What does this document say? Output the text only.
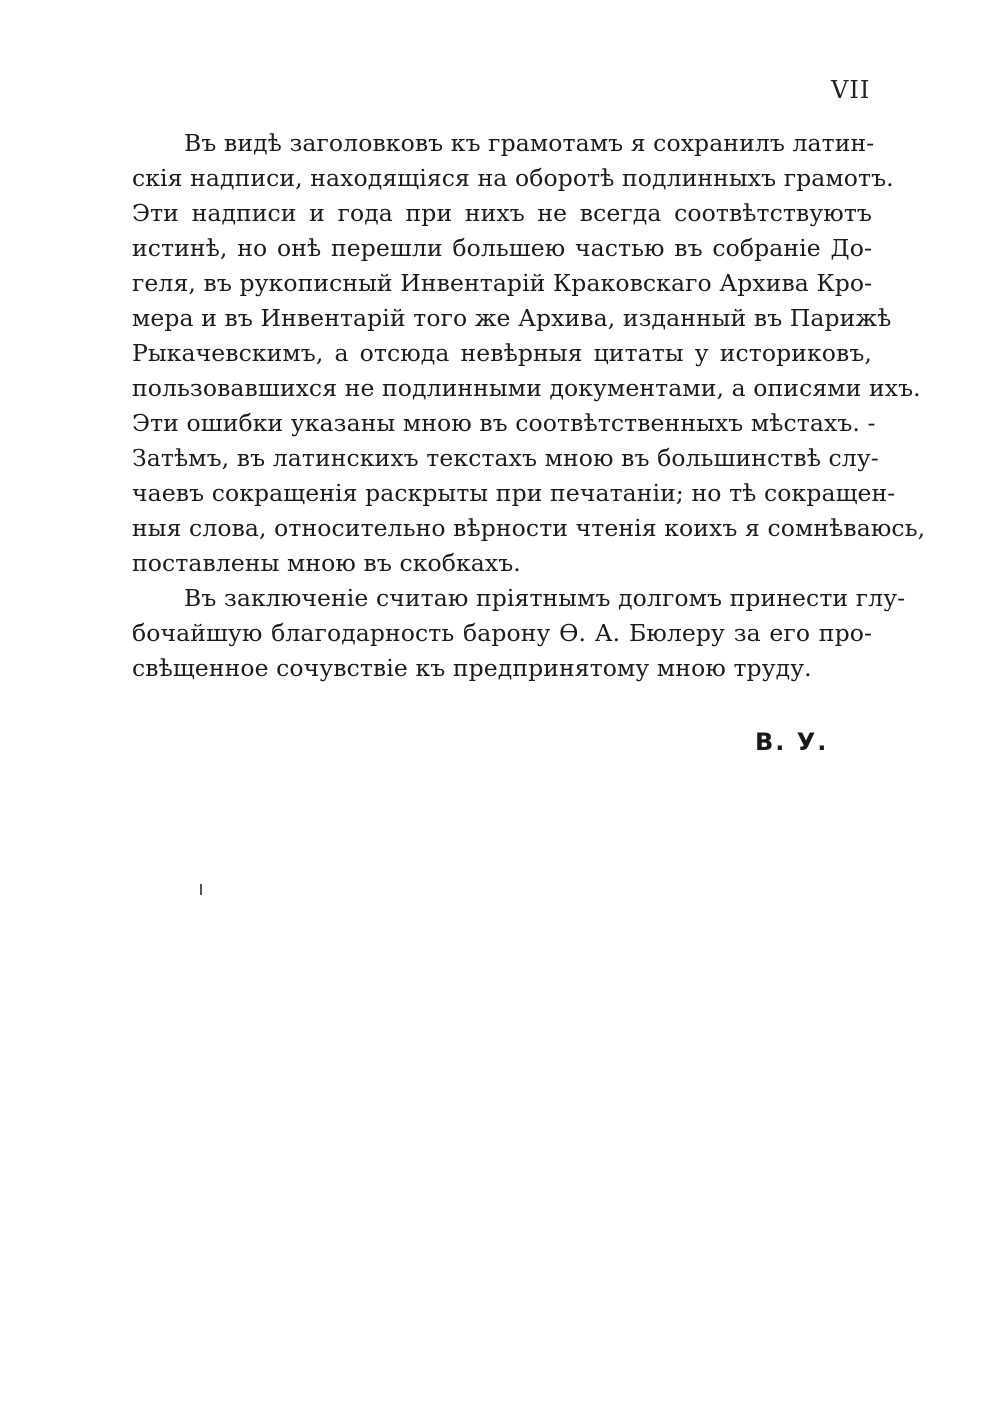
VII
Въ видѣ заголовковъ къ грамотамъ я сохранилъ латин-
скія надписи, находящіяся на оборотѣ подлинныхъ грамотъ.
Эти надписи и года при нихъ не всегда соотвѣтствуютъ
истинѣ, но онѣ перешли большею частью въ собраніе До-
геля, въ рукописный Инвентарій Краковскаго Архива Кро-
мера и въ Инвентарій того же Архива, изданный въ Парижѣ
Рыкачевскимъ, а отсюда невѣрныя цитаты у историковъ,
пользовавшихся не подлинными документами, а описями ихъ.
Эти ошибки указаны мною въ соотвѣтственныхъ мѣстахъ. -
Затѣмъ, въ латинскихъ текстахъ мною въ большинствѣ слу-
чаевъ сокращенія раскрыты при печатаніи; но тѣ сокращен-
ныя слова, относительно вѣрности чтенія коихъ я сомнѣваюсь,
поставлены мною въ скобкахъ.
Въ заключеніе считаю пріятнымъ долгомъ принести глу-
бочайшую благодарность барону Ѳ. А. Бюлеру за его про-
свѣщенное сочувствіе къ предпринятому мною труду.
В. У.
